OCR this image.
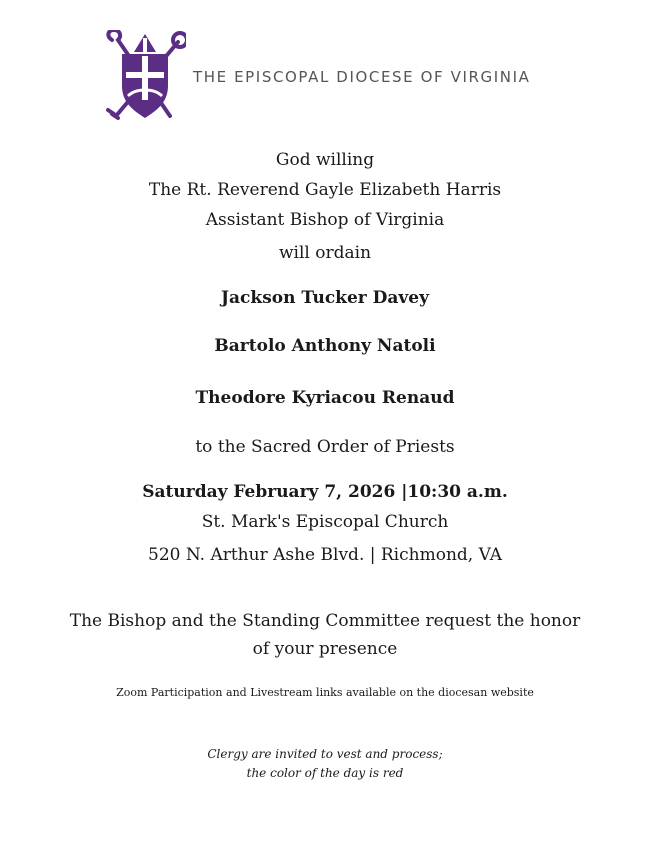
THE EPISCOPAL DIOCESE OF VIRGINIA
God willing
The Rt. Reverend Gayle Elizabeth Harris
Assistant Bishop of Virginia
will ordain
Jackson Tucker Davey
Bartolo Anthony Natoli
Theodore Kyriacou Renaud
to the Sacred Order of Priests
Saturday February 7, 2026 |10:30 a.m.
St. Mark's Episcopal Church
520 N. Arthur Ashe Blvd. | Richmond, VA
The Bishop and the Standing Committee request the honor
of your presence
Zoom Participation and Livestream links available on the diocesan website
Clergy are invited to vest and process;
the color of the day is red
